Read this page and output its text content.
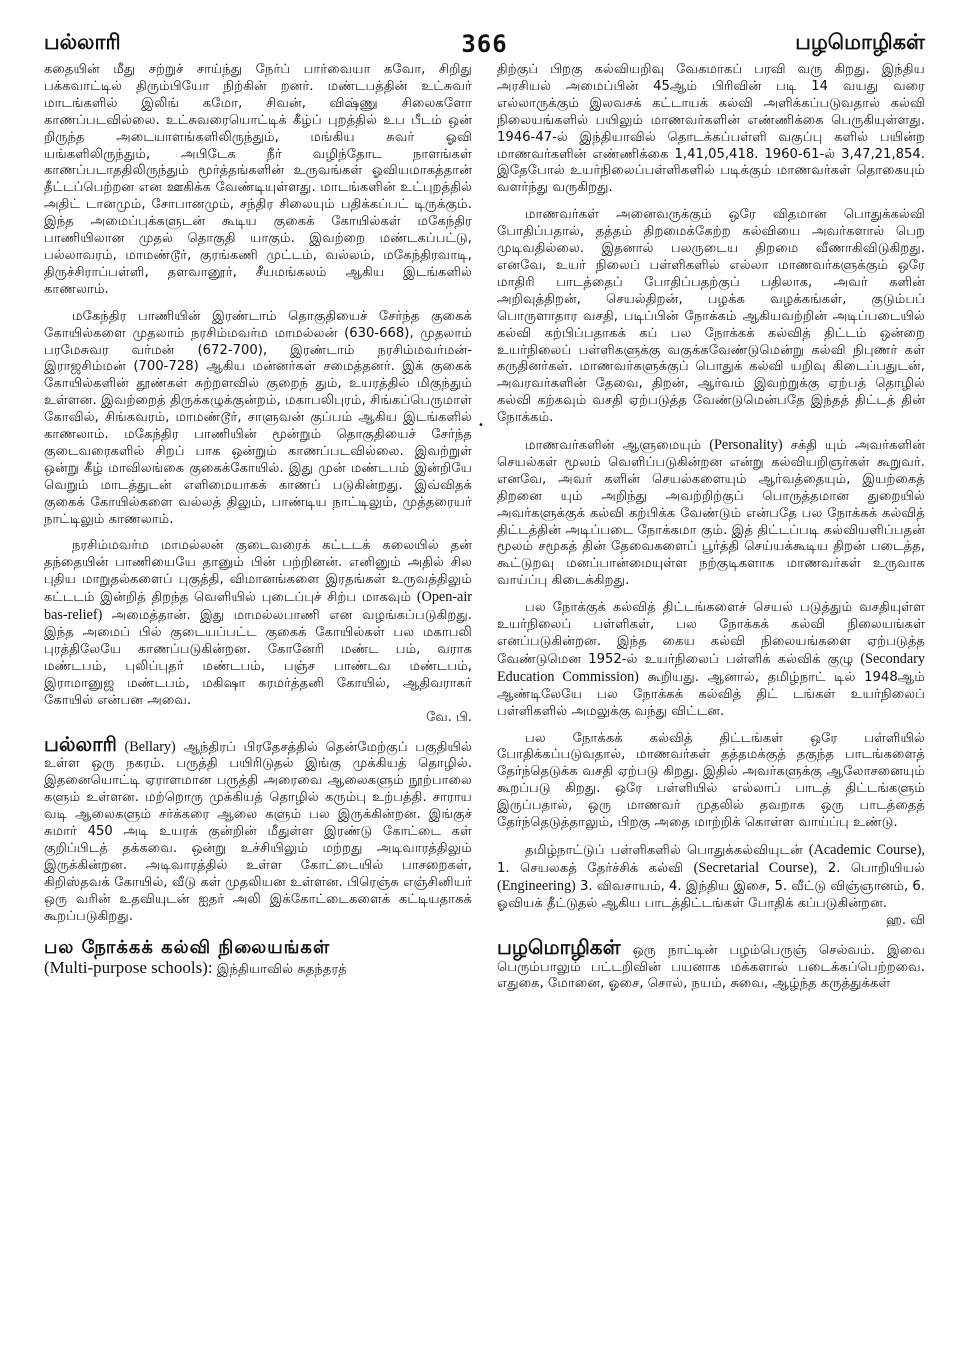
பல்லாரி	366	பழமொழிகள்
•

கதையின் மீது சற்றுச் சாய்ந்து நேர்ப் பார்வையா கவோ, சிறிது பக்கவாட்டில் திரும்பியோ நிற்கின் றனர். மண்டபத்தின் உட்சுவர் மாடங்களில் இலிங் கமோ, சிவன், விஷ்ணு சிலைகளோ காணப்படவில்லை. உட்சுவரையொட்டிக் கீழ்ப் புறத்தில் உப பீடம் ஒன் றிருந்த அடையாளங்களிலிருந்தும், மங்கிய சுவர் ஓவி யங்களிலிருந்தும், அபிடேக நீர் வழிந்தோட நாளங்கள் காணப்படாததிலிருந்தும் மூர்த்தங்களின் உருவங்கள் ஓவியமாகத்தான் தீட்டப்பெற்றன என ஊகிக்க வேண்டியுள்ளது. மாடங்களின் உட்புறத்தில் அதிட் டானமும், சோபானமும், சந்திர சிலையும் பதிக்கப்பட் டிருக்கும். இந்த அமைப்புக்களுடன் கூடிய குகைக் கோயில்கள் மகேந்திர பாணியிலான முதல் தொகுதி யாகும். இவற்றை மண்டகப்பட்டு, பல்லாவரம், மாமண்டூர், குரங்கணி முட்டம், வல்லம், மகேந்திரவாடி, திருச்சிராப்பள்ளி, தளவானூர், சீயமங்கலம் ஆகிய இடங்களில் காணலாம்.

மகேந்திர பாணியின் இரண்டாம் தொகுதியைச் சேர்ந்த குகைக் கோயில்களை முதலாம் நரசிம்மவர்ம மாமல்லன் (630-668), முதலாம் பரமேசுவர வர்மன் (672-700), இரண்டாம் நரசிம்மவர்மன்-இராஜசிம்மன் (700-728) ஆகிய மன்னர்கள் சமைத்தனர். இக் குகைக் கோயில்களின் தூண்கள் சுற்றளவில் குறைந் தும், உயரத்தில் மிகுந்தும் உள்ளன. இவற்றைத் திருக்கழுக்குன்றம், மகாபலிபுரம், சிங்கப்பெருமாள் கோவில், சிங்கவரம், மாமண்டூர், சாளுவன் குப்பம் ஆகிய இடங்களில் காணலாம். மகேந்திர பாணியின் மூன்றும் தொகுதியைச் சேர்ந்த குடைவரைகளில் சிறப் பாக ஒன்றும் காணப்படவில்லை. இவற்றுள் ஒன்று கீழ் மாவிலங்கை குகைக்கோயில். இது முன் மண்டபம் இன்றியே வெறும் மாடத்துடன் எளிமையாகக் காணப் படுகின்றது. இவ்விதக் குகைக் கோயில்களை வல்லத் திலும், பாண்டிய நாட்டிலும், முத்தரையர் நாட்டிலும் காணலாம்.

நரசிம்மவர்ம மாமல்லன் குடைவரைக் கட்டடக் கலையில் தன் தந்தையின் பாணியையே தானும் பின் பற்றினன். எனினும் அதில் சில புதிய மாறுதல்களைப் புகுத்தி, விமானங்களை இரதங்கள் உருவத்திலும் கட்டடம் இன்றித் திறந்த வெளியில் புடைப்புச் சிற்ப மாகவும் (Open-air bas-relief) அமைத்தான். இது மாமல்லபாணி என வழங்கப்படுகிறது. இந்த அமைப் பில் குடையப்பட்ட குகைக் கோயில்கள் பல மகாபலி புரத்திலேயே காணப்படுகின்றன. கோனேரி மண்ட பம், வராக மண்டபம், புலிப்புதர் மண்டபம், பஞ்ச பாண்டவ மண்டபம், இராமானுஜ மண்டபம், மகிஷா சுரமர்த்தனி கோயில், ஆதிவராகர் கோயில் என்பன அவை.

வே. பி.

பல்லாரி (Bellary) ஆந்திரப் பிரதேசத்தில் தென்மேற்குப் பகுதியில் உள்ள ஒரு நகரம். பருத்தி பயிரிடுதல் இங்கு முக்கியத் தொழில். இதனையொட்டி ஏராளமான பருத்தி அரைவை ஆலைகளும் நூற்பாலை களும் உள்ளன. மற்றொரு முக்கியத் தொழில் கரும்பு உற்பத்தி. சாராய வடி ஆலைகளும் சர்க்கரை ஆலை களும் பல இருக்கின்றன. இங்குச் சுமார் 450 அடி உயரக் குன்றின் மீதுள்ள இரண்டு கோட்டை கள் குறிப்பிடத் தக்கவை. ஒன்று உச்சியிலும் மற்றது அடிவாரத்திலும் இருக்கின்றன. அடிவாரத்தில் உள்ள கோட்டையில் பாசறைகள், கிறிஸ்தவக் கோயில், வீடு கள் முதலியன உள்ளன. பிரெஞ்சு எஞ்சினியர் ஒரு வரின் உதவியுடன் ஐதர் அலி இக்கோட்டைகளைக் கட்டியதாகக் கூறப்படுகிறது.

பல நோக்கக் கல்வி நிலையங்கள்
(Multi-purpose schools): இந்தியாவில் சுதந்தரத்

திற்குப் பிறகு கல்வியறிவு வேகமாகப் பரவி வரு கிறது. இந்திய அரசியல் அமைப்பின் 45ஆம் பிரிவின் படி 14 வயது வரை எல்லாருக்கும் இலவசக் கட்டாயக் கல்வி அளிக்கப்படுவதால் கல்வி நிலையங்களில் பயிலும் மாணவர்களின் எண்ணிக்கை பெருகியுள்ளது. 1946-47-ல் இந்தியாவில் தொடக்கப்பள்ளி வகுப்பு களில் பயின்ற மாணவர்களின் எண்ணிக்கை 1,41,05,418. 1960-61-ல் 3,47,21,854. இதேபோல் உயர்நிலைப்பள்ளிகளில் படிக்கும் மாணவர்கள் தொகையும் வளர்ந்து வருகிறது.

மாணவர்கள் அனைவருக்கும் ஒரே விதமான பொதுக்கல்வி போதிப்பதால், தத்தம் திறமைக்கேற்ற கல்வியை அவர்களால் பெற முடிவதில்லை. இதனால் பலருடைய திறமை வீணாகிவிடுகிறது. எனவே, உயர் நிலைப் பள்ளிகளில் எல்லா மாணவர்களுக்கும் ஒரே மாதிரி பாடத்தைப் போதிப்பதற்குப் பதிலாக, அவர் களின் அறிவுத்திறன், செயல்திறன், பழக்க வழக்கங்கள், குடும்பப் பொருளாதார வசதி, படிப்பின் நோக்கம் ஆகியவற்றின் அடிப்படையில் கல்வி கற்பிப்பதாகக் கப் பல நோக்கக் கல்வித் திட்டம் ஒன்றை உயர்நிலைப் பள்ளிகளுக்கு வகுக்கவேண்டுமென்று கல்வி நிபுணர் கள் கருதினர்கள். மாணவர்களுக்குப் பொதுக் கல்வி யறிவு கிடைப்பதுடன், அவரவர்களின் தேவை, திறன், ஆர்வம் இவற்றுக்கு ஏற்பத் தொழில் கல்வி கற்கவும் வசதி ஏற்படுத்த வேண்டுமென்பதே இந்தத் திட்டத் தின் நோக்கம்.

மாணவர்களின் ஆளுமையும் (Personality) சக்தி யும் அவர்களின் செயல்கள் மூலம் வெளிப்படுகின்றன என்று கல்வியறிஞர்கள் கூறுவர். எனவே, அவர் களின் செயல்களையும் ஆர்வத்தையும், இயற்கைத் திறனை யும் அறிந்து அவற்றிற்குப் பொருத்தமான துறையில் அவர்களுக்குக் கல்வி கற்பிக்க வேண்டும் என்பதே பல நோக்கக் கல்வித் திட்டத்தின் அடிப்படை நோக்கமா கும். இத் திட்டப்படி கல்வியளிப்பதன் மூலம் சமூகத் தின் தேவைகளைப் பூர்த்தி செய்யக்கூடிய திறன் படைத்த, கூட்டுறவு மனப்பான்மையுள்ள நற்குடிகளாக மாணவர்கள் உருவாக வாய்ப்பு கிடைக்கிறது.

பல நோக்குக் கல்வித் திட்டங்களைச் செயல் படுத்தும் வசதியுள்ள உயர்நிலைப் பள்ளிகள், பல நோக்கக் கல்வி நிலையங்கள் எனப்படுகின்றன. இந்த கைய கல்வி நிலையங்களை ஏற்படுத்த வேண்டுமென 1952-ல் உயர்நிலைப் பள்ளிக் கல்விக் குழு (Secondary Education Commission) கூறியது. ஆனால், தமிழ்நாட் டில் 1948ஆம் ஆண்டிலேயே பல நோக்கக் கல்வித் திட் டங்கள் உயர்நிலைப் பள்ளிகளில் அமலுக்கு வந்து விட்டன.

பல நோக்கக் கல்வித் திட்டங்கள் ஒரே பள்ளியில் போதிக்கப்படுவதால், மாணவர்கள் தத்தமக்குத் தகுந்த பாடங்களைத் தேர்ந்தெடுக்க வசதி ஏற்படு கிறது. இதில் அவர்களுக்கு ஆலோசனையும் கூறப்படு கிறது. ஒரே பள்ளியில் எல்லாப் பாடத் திட்டங்களும் இருப்பதால், ஒரு மாணவர் முதலில் தவறாக ஒரு பாடத்தைத் தேர்ந்தெடுத்தாலும், பிறகு அதை மாற்றிக் கொள்ள வாய்ப்பு உண்டு.

தமிழ்நாட்டுப் பள்ளிகளில் பொதுக்கல்வியுடன் (Academic Course), 1. செயலகத் தேர்ச்சிக் கல்வி (Secretarial Course), 2. பொறியியல் (Engineering) 3. விவசாயம், 4. இந்திய இசை, 5. வீட்டு விஞ்ஞானம், 6. ஓவியக் தீட்டுதல் ஆகிய பாடத்திட்டங்கள் போதிக் கப்படுகின்றன.

ஹ. வி

பழமொழிகள் ஒரு நாட்டின் பழம்பெருஞ் செல்வம். இவை பெரும்பாலும் பட்டறிவின் பயனாக மக்களால் படைக்கப்பெற்றவை. எதுகை, மோனை, ஓசை, சொல், நயம், சுவை, ஆழ்ந்த கருத்துக்கள்
